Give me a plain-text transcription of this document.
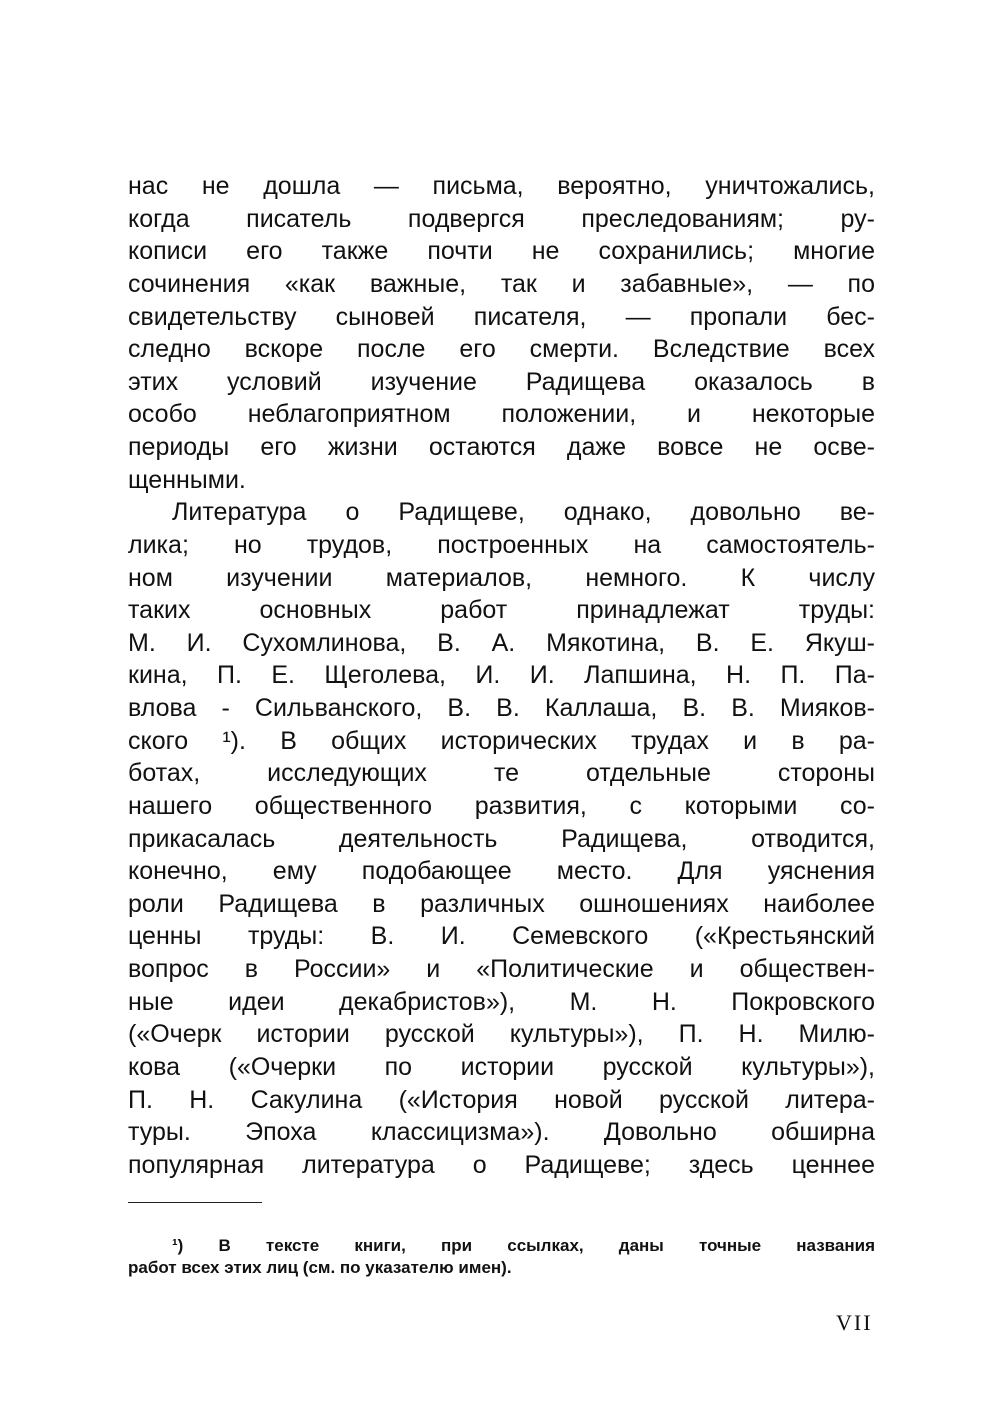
нас не дошла — письма, вероятно, уничтожались,
когда писатель подвергся преследованиям; ру-
кописи его также почти не сохранились; многие
сочинения «как важные, так и забавные», — по
свидетельству сыновей писателя, — пропали бес-
следно вскоре после его смерти. Вследствие всех
этих условий изучение Радищева оказалось в
особо неблагоприятном положении, и некоторые
периоды его жизни остаются даже вовсе не осве-
щенными.
Литература о Радищеве, однако, довольно ве-
лика; но трудов, построенных на самостоятель-
ном изучении материалов, немного. К числу
таких основных работ принадлежат труды:
М. И. Сухомлинова, В. А. Мякотина, В. Е. Якуш-
кина, П. Е. Щеголева, И. И. Лапшина, Н. П. Па-
влова - Сильванского, В. В. Каллаша, В. В. Мияков-
ского ¹). В общих исторических трудах и в ра-
ботах, исследующих те отдельные стороны
нашего общественного развития, с которыми со-
прикасалась деятельность Радищева, отводится,
конечно, ему подобающее место. Для уяснения
роли Радищева в различных ошношениях наиболее
ценны труды: В. И. Семевского («Крестьянский
вопрос в России» и «Политические и обществен-
ные идеи декабристов»), М. Н. Покровского
(«Очерк истории русской культуры»), П. Н. Милю-
кова («Очерки по истории русской культуры»),
П. Н. Сакулина («История новой русской литера-
туры. Эпоха классицизма»). Довольно обширна
популярная литература о Радищеве; здесь ценнее
¹) В тексте книги, при ссылках, даны точные названия
работ всех этих лиц (см. по указателю имен).
VII
